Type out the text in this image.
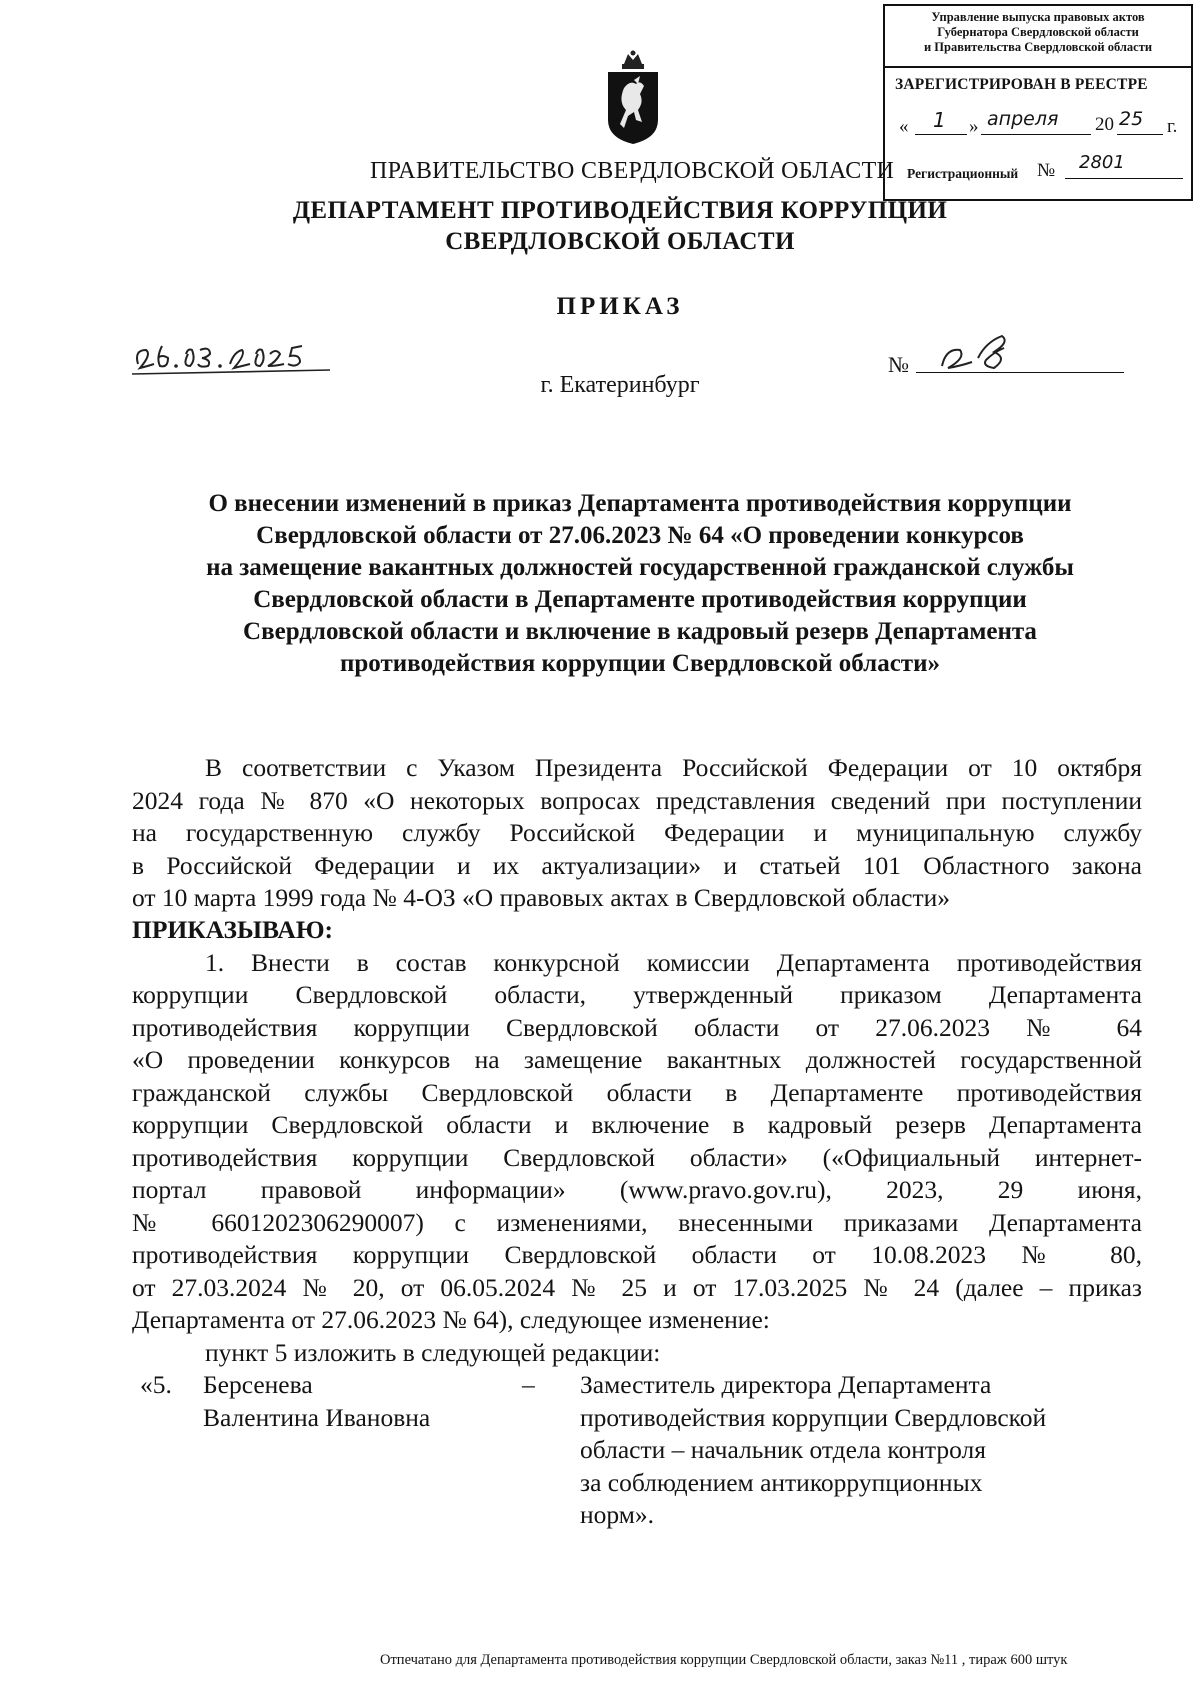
Управление выпуска правовых актов
Губернатора Свердловской области
и Правительства Свердловской области
ЗАРЕГИСТРИРОВАН В РЕЕСТРЕ
« 1 » апреля 20 25 г.
Регистрационный № 2801
ПРАВИТЕЛЬСТВО СВЕРДЛОВСКОЙ ОБЛАСТИ
ДЕПАРТАМЕНТ ПРОТИВОДЕЙСТВИЯ КОРРУПЦИИ
СВЕРДЛОВСКОЙ ОБЛАСТИ
ПРИКАЗ
№
г. Екатеринбург
О внесении изменений в приказ Департамента противодействия коррупции
Свердловской области от 27.06.2023 № 64 «О проведении конкурсов
на замещение вакантных должностей государственной гражданской службы
Свердловской области в Департаменте противодействия коррупции
Свердловской области и включение в кадровый резерв Департамента
противодействия коррупции Свердловской области»
В соответствии с Указом Президента Российской Федерации от 10 октября
2024 года № 870 «О некоторых вопросах представления сведений при поступлении
на государственную службу Российской Федерации и муниципальную службу
в Российской Федерации и их актуализации» и статьей 101 Областного закона
от 10 марта 1999 года № 4-ОЗ «О правовых актах в Свердловской области»
ПРИКАЗЫВАЮ:
1. Внести в состав конкурсной комиссии Департамента противодействия
коррупции Свердловской области, утвержденный приказом Департамента
противодействия коррупции Свердловской области от 27.06.2023 № 64
«О проведении конкурсов на замещение вакантных должностей государственной
гражданской службы Свердловской области в Департаменте противодействия
коррупции Свердловской области и включение в кадровый резерв Департамента
противодействия коррупции Свердловской области» («Официальный интернет-
портал правовой информации» (www.pravo.gov.ru), 2023, 29 июня,
№ 6601202306290007) с изменениями, внесенными приказами Департамента
противодействия коррупции Свердловской области от 10.08.2023 № 80,
от 27.03.2024 № 20, от 06.05.2024 № 25 и от 17.03.2025 № 24 (далее – приказ
Департамента от 27.06.2023 № 64), следующее изменение:
пункт 5 изложить в следующей редакции:
«5. Берсенева
Валентина Ивановна
– Заместитель директора Департамента
противодействия коррупции Свердловской
области – начальник отдела контроля
за соблюдением антикоррупционных
норм».
Отпечатано для Департамента противодействия коррупции Свердловской области, заказ №11 , тираж 600 штук
